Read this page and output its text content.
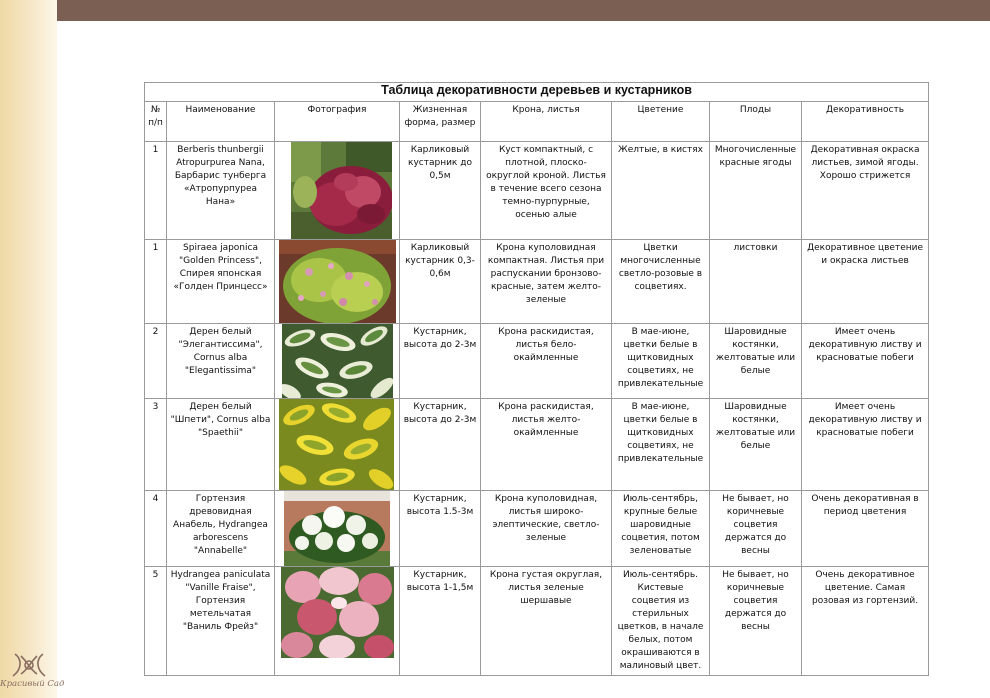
Красивый Сад
Таблица декоративности деревьев и кустарников							
№ п/п	Наименование	Фотография	Жизненная форма, размер	Крона, листья	Цветение	Плоды	Декоративность
1	Berberis thunbergii Atropurpurea Nana, Барбарис тунберга «Атропурпуреа Нана»		Карликовый кустарник до 0,5м	Куст компактный, с плотной, плоско-округлой кроной. Листья в течение всего сезона темно-пурпурные, осенью алые	Желтые, в кистях	Многочисленные красные ягоды	Декоративная окраска листьев, зимой ягоды. Хорошо стрижется
1	Spiraea japonica "Golden Princess", Спирея японская «Голден Принцесс»		Карликовый кустарник 0,3-0,6м	Крона куполовидная компактная. Листья при распускании бронзово-красные, затем желто-зеленые	Цветки многочисленные светло-розовые в соцветиях.	листовки	Декоративное цветение и окраска листьев
2	Дерен белый "Элегантиссима", Cornus alba "Elegantissima"		Кустарник, высота до 2-3м	Крона раскидистая, листья бело-окаймленные	В мае-июне, цветки белые в щитковидных соцветиях, не привлекательные	Шаровидные костянки, желтоватые или белые	Имеет очень декоративную листву и красноватые побеги
3	Дерен белый "Шпети", Cornus alba "Spaethii"		Кустарник, высота до 2-3м	Крона раскидистая, листья желто-окаймленные	В мае-июне, цветки белые в щитковидных соцветиях, не привлекательные	Шаровидные костянки, желтоватые или белые	Имеет очень декоративную листву и красноватые побеги
4	Гортензия древовидная Анабель, Hydrangea arborescens "Annabelle"		Кустарник, высота 1.5-3м	Крона куполовидная, листья широко-элептические, светло-зеленые	Июль-сентябрь, крупные белые шаровидные соцветия, потом зеленоватые	Не бывает, но коричневые соцветия держатся до весны	Очень декоративная в период цветения
5	Hydrangea paniculata "Vanille Fraise", Гортензия метельчатая "Ваниль Фрейз"		Кустарник, высота 1-1,5м	Крона густая округлая, листья зеленые шершавые	Июль-сентябрь. Кистевые соцветия из стерильных цветков, в начале белых, потом окрашиваются в малиновый цвет.	Не бывает, но коричневые соцветия держатся до весны	Очень декоративное цветение. Самая розовая из гортензий.
